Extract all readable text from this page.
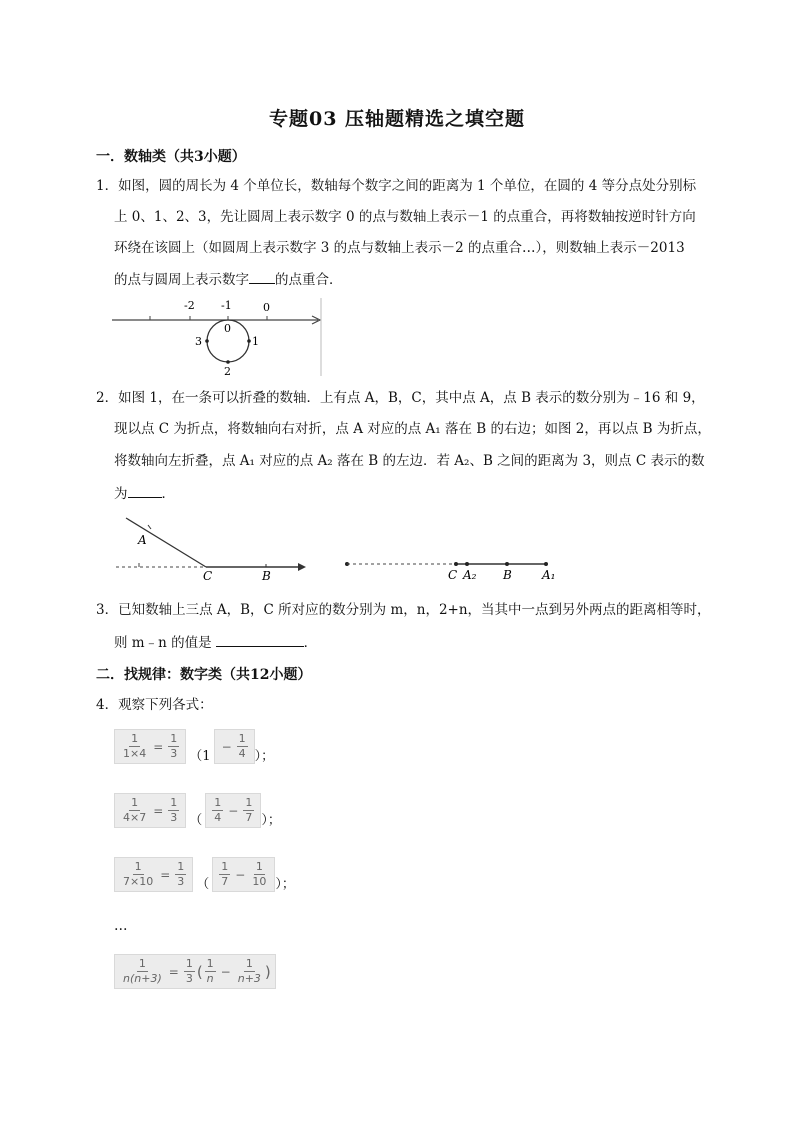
专题03 压轴题精选之填空题
一．数轴类（共3小题）
1．如图，圆的周长为 4 个单位长，数轴每个数字之间的距离为 1 个单位，在圆的 4 等分点处分别标
上 0、1、2、3，先让圆周上表示数字 0 的点与数轴上表示－1 的点重合，再将数轴按逆时针方向
环绕在该圆上（如圆周上表示数字 3 的点与数轴上表示－2 的点重合…），则数轴上表示－2013
的点与圆周上表示数字 的点重合．
-2 -1	0
0
1
2
3
2．如图 1，在一条可以折叠的数轴．上有点 A，B，C，其中点 A，点 B 表示的数分别为﹣16 和 9，
现以点 C 为折点，将数轴向右对折，点 A 对应的点 A₁ 落在 B 的右边；如图 2，再以点 B 为折点，
将数轴向左折叠，点 A₁ 对应的点 A₂ 落在 B 的左边．若 A₂、B 之间的距离为 3，则点 C 表示的数
为	．
A
C	B	C A₂ B	A₁
3．已知数轴上三点 A，B，C 所对应的数分别为 m，n，2+n，当其中一点到另外两点的距离相等时，
则 m﹣n 的值是	．
二．找规律：数字类（共12小题）
4．观察下列各式：
$\frac{1}{1\times 4} = \frac{1}{3} (1$
− $\frac{1}{4}$ ）；
$\frac{1}{4\times 7} = \frac{1}{3}$ （ $\frac{1}{4} - \frac{1}{7}$ ）；
$\frac{1}{7\times 10} = \frac{1}{3}$ （ $\frac{1}{7} - \frac{1}{10}$ ）；
…
$\frac{1}{n(n+3)} = \frac{1}{3}$ ( $\frac{1}{n} - \frac{1}{n+3}$ )
